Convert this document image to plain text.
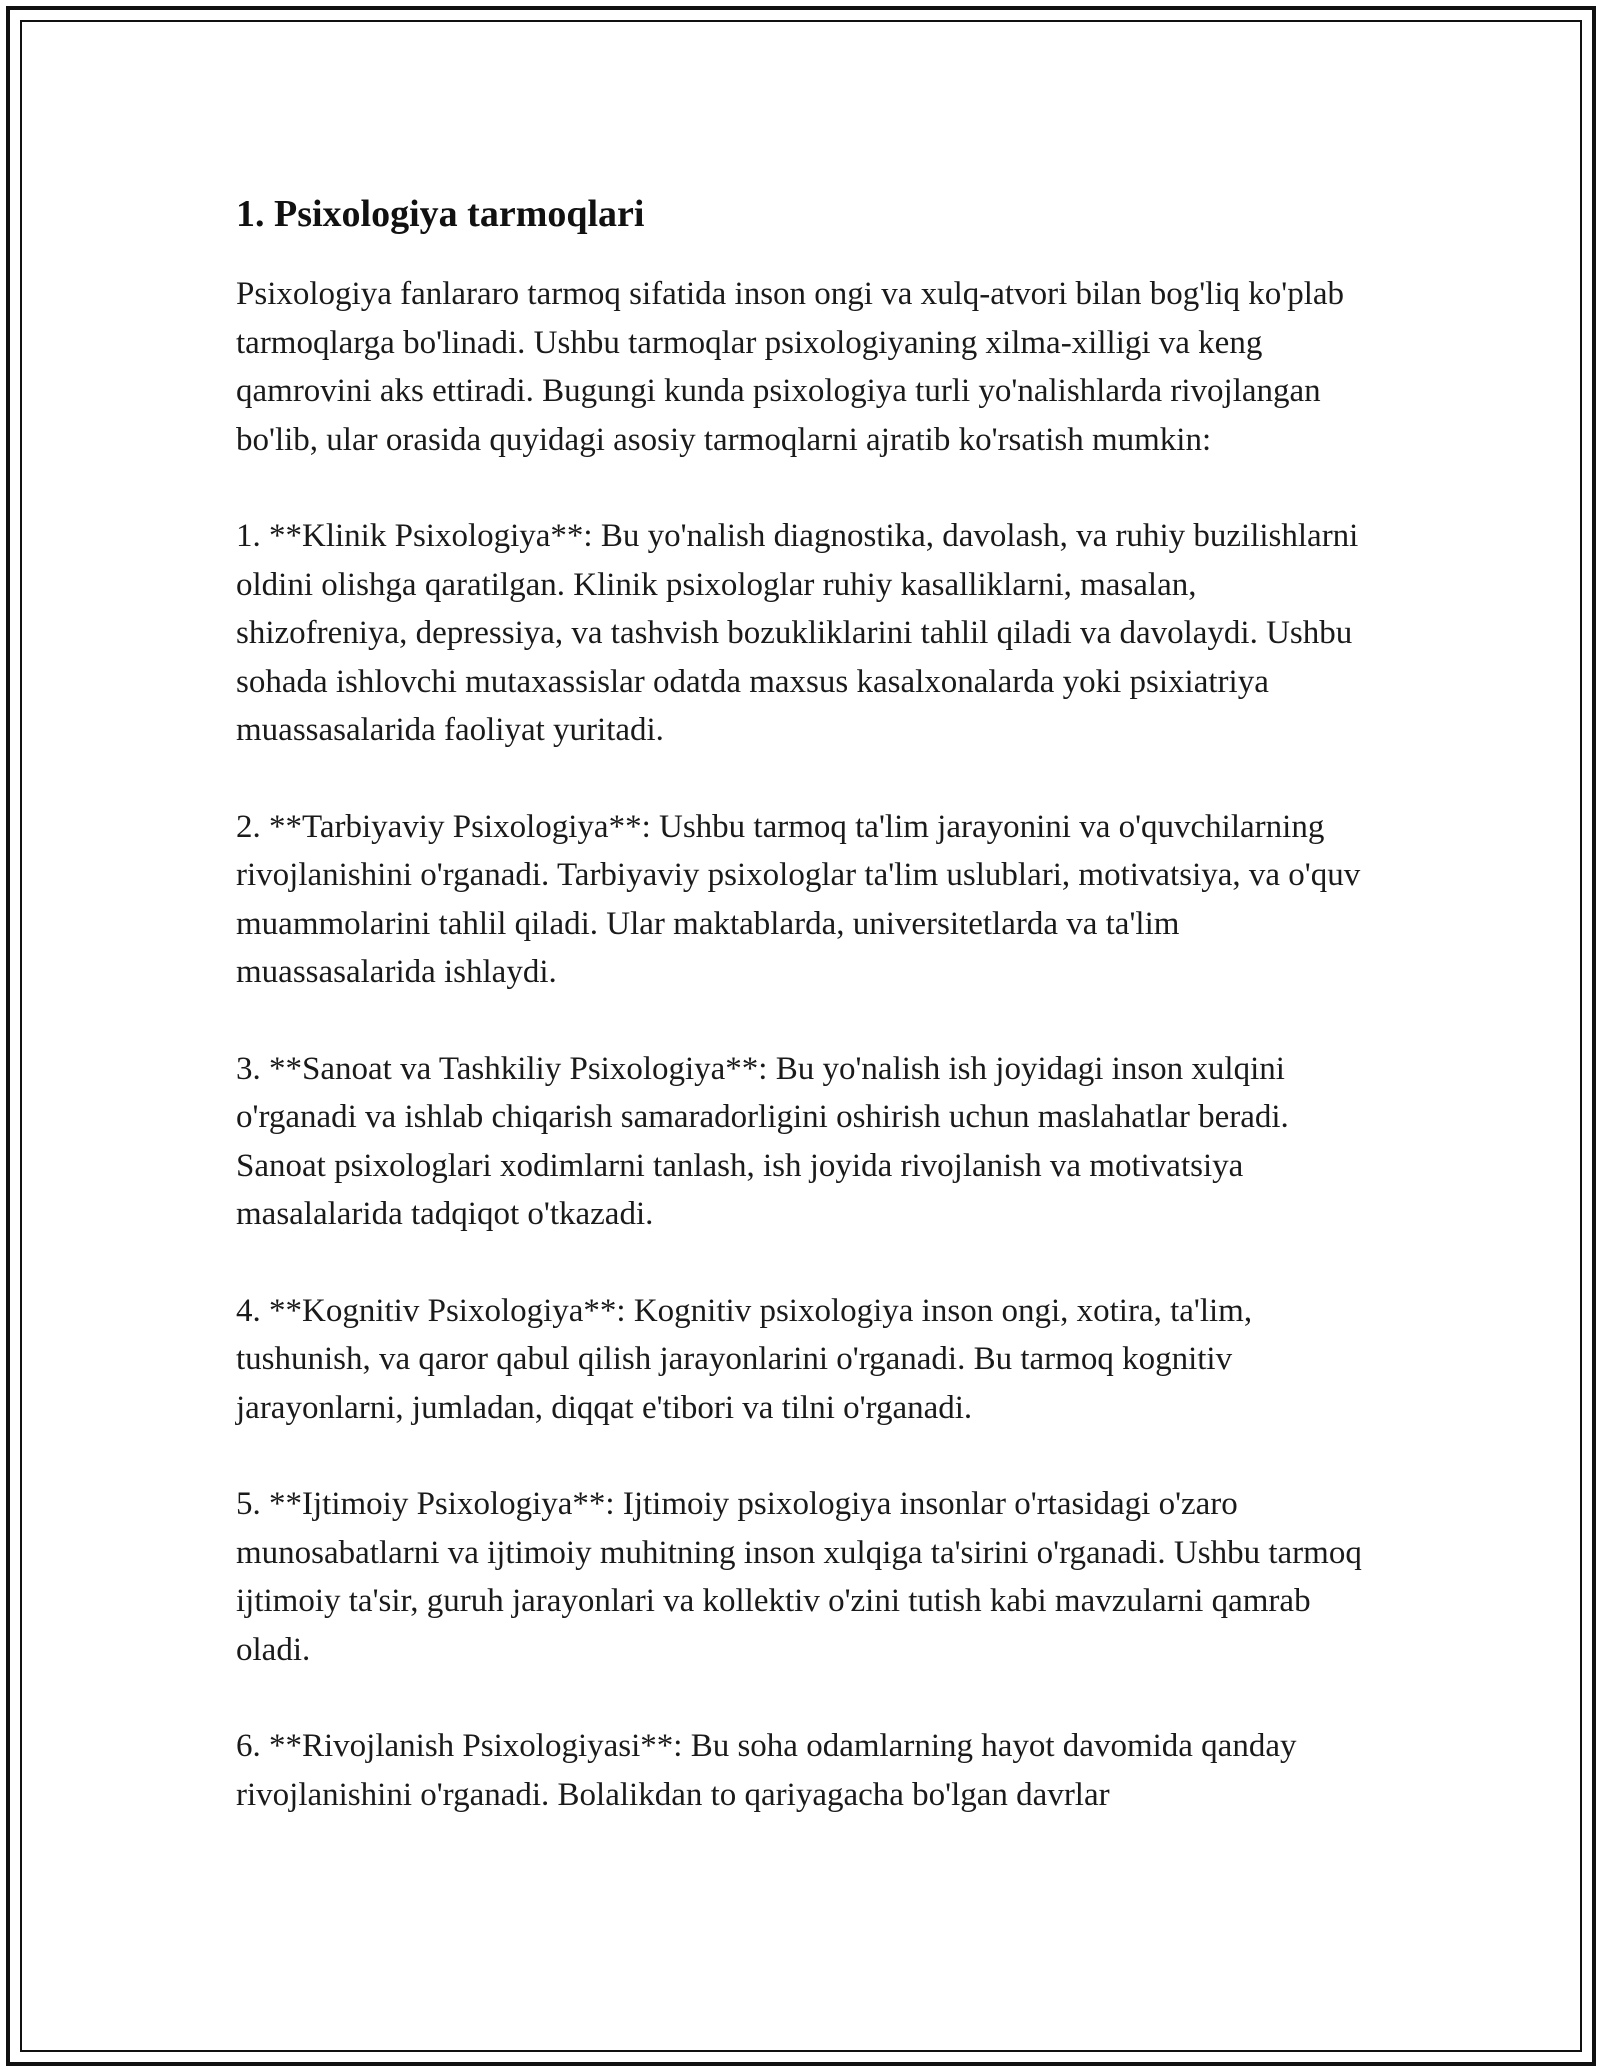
1. Psixologiya tarmoqlari

Psixologiya fanlararo tarmoq sifatida inson ongi va xulq-atvori bilan bog'liq ko'plab tarmoqlarga bo'linadi. Ushbu tarmoqlar psixologiyaning xilma-xilligi va keng qamrovini aks ettiradi. Bugungi kunda psixologiya turli yo'nalishlarda rivojlangan bo'lib, ular orasida quyidagi asosiy tarmoqlarni ajratib ko'rsatish mumkin:

1. **Klinik Psixologiya**: Bu yo'nalish diagnostika, davolash, va ruhiy buzilishlarni oldini olishga qaratilgan. Klinik psixologlar ruhiy kasalliklarni, masalan, shizofreniya, depressiya, va tashvish bozukliklarini tahlil qiladi va davolaydi. Ushbu sohada ishlovchi mutaxassislar odatda maxsus kasalxonalarda yoki psixiatriya muassasalarida faoliyat yuritadi.

2. **Tarbiyaviy Psixologiya**: Ushbu tarmoq ta'lim jarayonini va o'quvchilarning rivojlanishini o'rganadi. Tarbiyaviy psixologlar ta'lim uslublari, motivatsiya, va o'quv muammolarini tahlil qiladi. Ular maktablarda, universitetlarda va ta'lim muassasalarida ishlaydi.

3. **Sanoat va Tashkiliy Psixologiya**: Bu yo'nalish ish joyidagi inson xulqini o'rganadi va ishlab chiqarish samaradorligini oshirish uchun maslahatlar beradi. Sanoat psixologlari xodimlarni tanlash, ish joyida rivojlanish va motivatsiya masalalarida tadqiqot o'tkazadi.

4. **Kognitiv Psixologiya**: Kognitiv psixologiya inson ongi, xotira, ta'lim, tushunish, va qaror qabul qilish jarayonlarini o'rganadi. Bu tarmoq kognitiv jarayonlarni, jumladan, diqqat e'tibori va tilni o'rganadi.

5. **Ijtimoiy Psixologiya**: Ijtimoiy psixologiya insonlar o'rtasidagi o'zaro munosabatlarni va ijtimoiy muhitning inson xulqiga ta'sirini o'rganadi. Ushbu tarmoq ijtimoiy ta'sir, guruh jarayonlari va kollektiv o'zini tutish kabi mavzularni qamrab oladi.

6. **Rivojlanish Psixologiyasi**: Bu soha odamlarning hayot davomida qanday rivojlanishini o'rganadi. Bolalikdan to qariyagacha bo'lgan davrlar
